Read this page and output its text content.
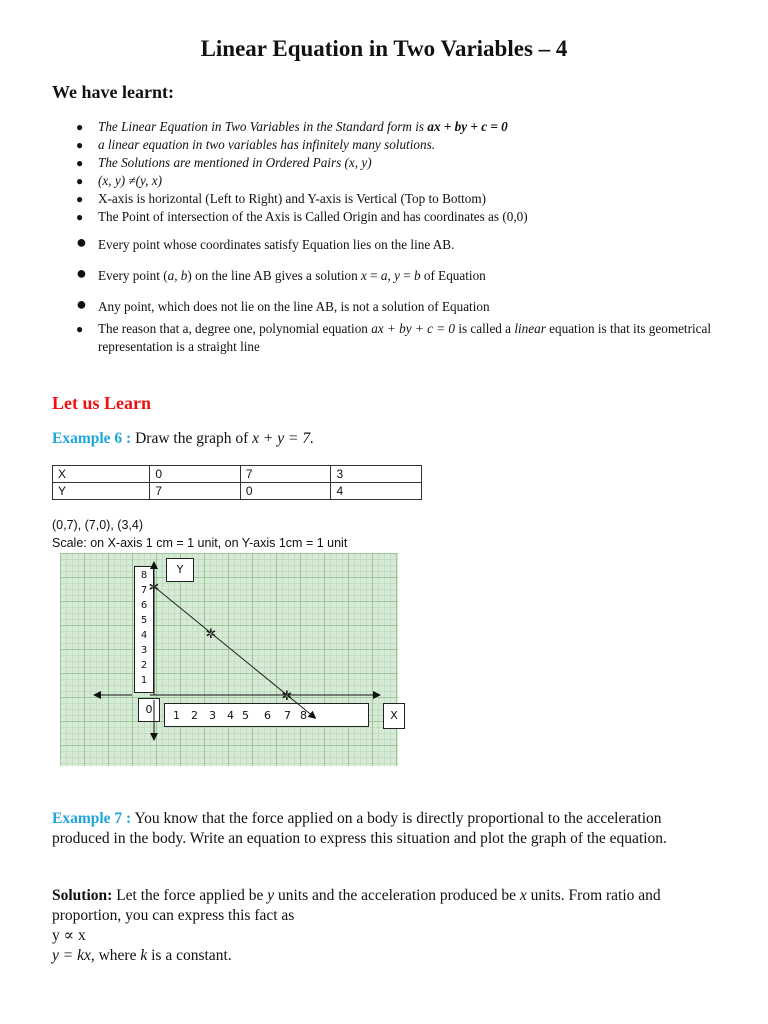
Linear Equation in Two Variables – 4
We have learnt:
● The Linear Equation in Two Variables in the Standard form is ax + by + c = 0
● a linear equation in two variables has infinitely many solutions.
● The Solutions are mentioned in Ordered Pairs (x, y)
● (x, y) ≠(y, x)
● X-axis is horizontal (Left to Right) and Y-axis is Vertical (Top to Bottom)
● The Point of intersection of the Axis is Called Origin and has coordinates as (0,0)
● Every point whose coordinates satisfy Equation lies on the line AB.
● Every point (a, b) on the line AB gives a solution x = a, y = b of Equation
● Any point, which does not lie on the line AB, is not a solution of Equation
● The reason that a, degree one, polynomial equation ax + by + c = 0 is called a linear equation is that its geometrical representation is a straight line
Let us Learn
Example 6 : Draw the graph of x + y = 7.
X	0	7	3
Y	7	0	4
(0,7), (7,0), (3,4)
Scale: on X-axis 1 cm = 1 unit, on Y-axis 1cm = 1 unit
8
7
6
5
4
3
2
1
Y
1 2 3 4 5 6 7 8
0	X
✲
✲
✲
Example 7 : You know that the force applied on a body is directly proportional to the acceleration produced in the body. Write an equation to express this situation and plot the graph of the equation.
Solution: Let the force applied be y units and the acceleration produced be x units. From ratio and proportion, you can express this fact as
y ∝ x
y = kx, where k is a constant.
